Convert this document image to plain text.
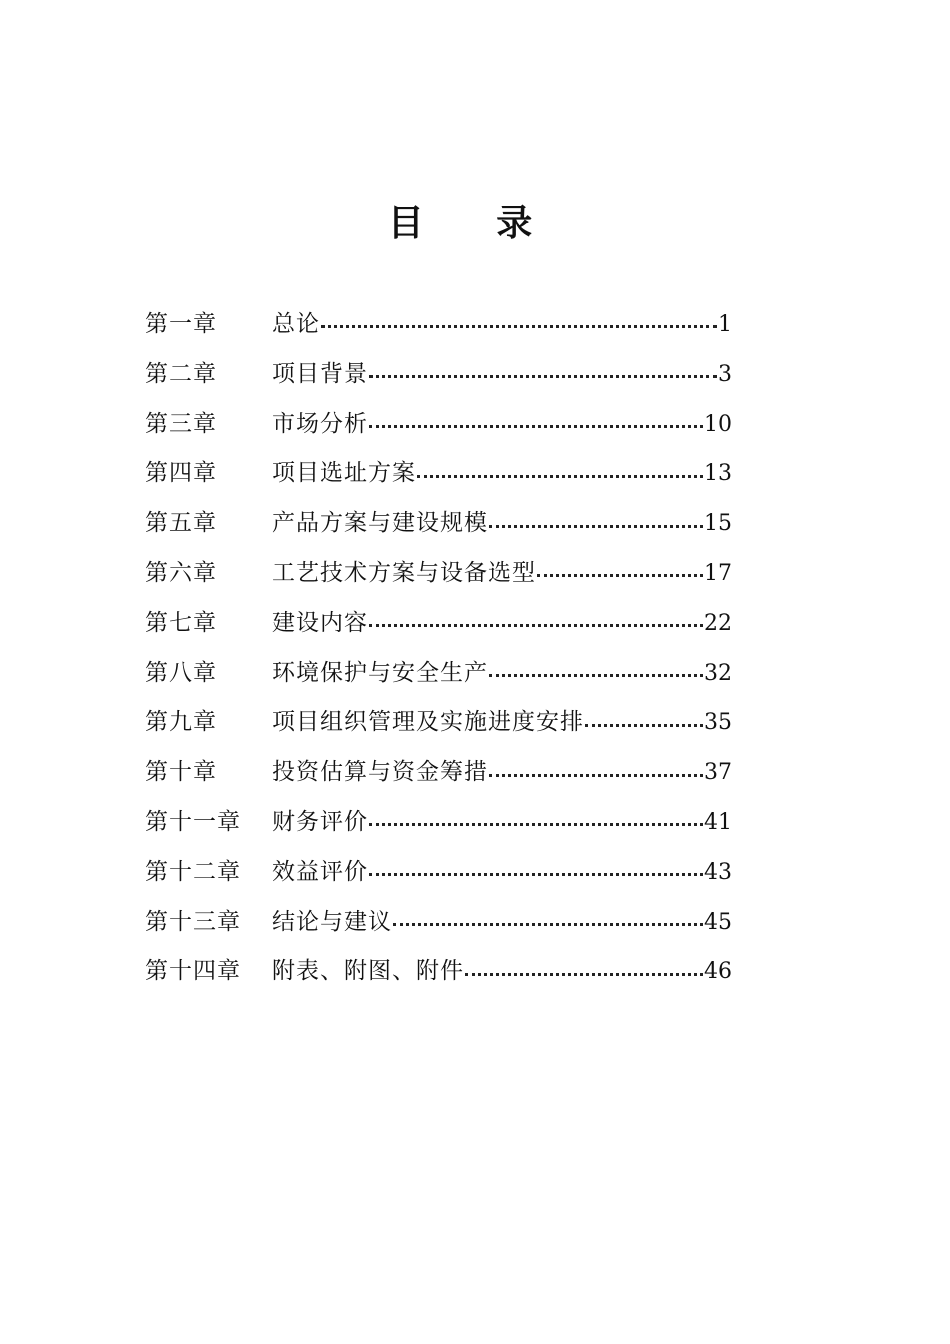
目 录
第一章	总论	1
第二章	项目背景	3
第三章	市场分析	10
第四章	项目选址方案	13
第五章	产品方案与建设规模	15
第六章	工艺技术方案与设备选型	17
第七章	建设内容	22
第八章	环境保护与安全生产	32
第九章	项目组织管理及实施进度安排	35
第十章	投资估算与资金筹措	37
第十一章	财务评价	41
第十二章	效益评价	43
第十三章	结论与建议	45
第十四章	附表、附图、附件	46
